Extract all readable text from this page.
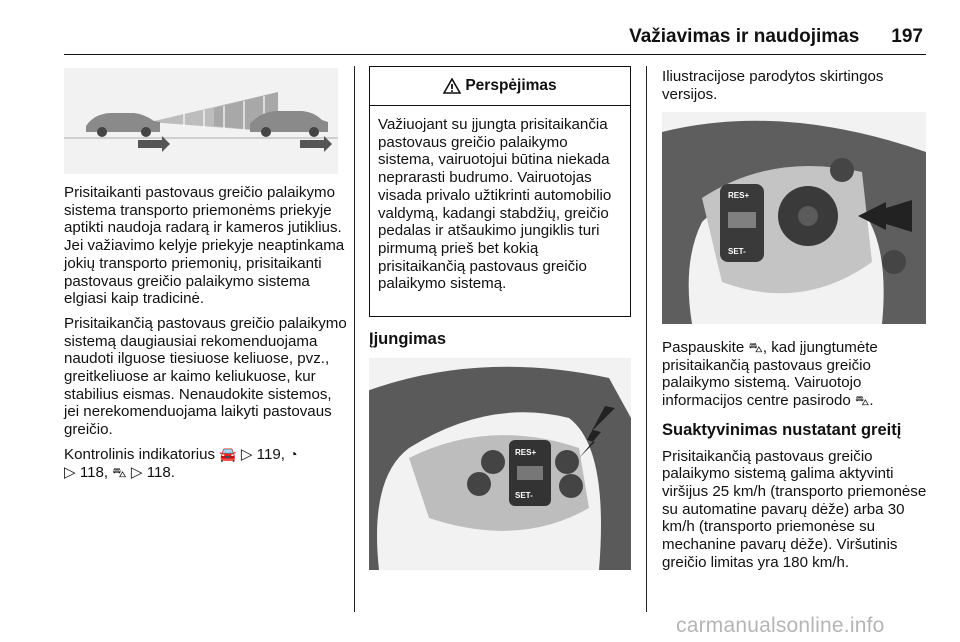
Važiavimas ir naudojimas 197

Prisitaikanti pastovaus greičio palaikymo sistema transporto priemonėms priekyje aptikti naudoja radarą ir kameros jutiklius. Jei važiavimo kelyje priekyje neaptinkama jokių transporto priemonių, prisitaikanti pastovaus greičio palaikymo sistema elgiasi kaip tradicinė.

Prisitaikančią pastovaus greičio palaikymo sistemą daugiausiai rekomenduojama naudoti ilguose tiesiuose keliuose, pvz., greitkeliuose ar kaimo keliukuose, kur stabilius eismas. Nenaudokite sistemos, jei nerekomenduojama laikyti pastovaus greičio.

Kontrolinis indikatorius 🚘 ▷ 119, ◔
▷ 118, ⛍ ▷ 118.

Perspėjimas
Važiuojant su įjungta prisitaikančia pastovaus greičio palaikymo sistema, vairuotojui būtina niekada neprarasti budrumo. Vairuotojas visada privalo užtikrinti automobilio valdymą, kadangi stabdžių, greičio pedalas ir atšaukimo jungiklis turi pirmumą prieš bet kokią prisitaikančią pastovaus greičio palaikymo sistemą.
Įjungimas
RES+
SET-
Iliustracijose parodytos skirtingos versijos.
RES+
SET-

Paspauskite ⛍, kad įjungtumėte prisitaikančią pastovaus greičio palaikymo sistemą. Vairuotojo informacijos centre pasirodo ⛍.

Suaktyvinimas nustatant greitį

Prisitaikančią pastovaus greičio palaikymo sistemą galima aktyvinti viršijus 25 km/h (transporto priemonėse su automatine pavarų dėže) arba 30 km/h (transporto priemonėse su mechanine pavarų dėže). Viršutinis greičio limitas yra 180 km/h.

carmanualsonline.info
